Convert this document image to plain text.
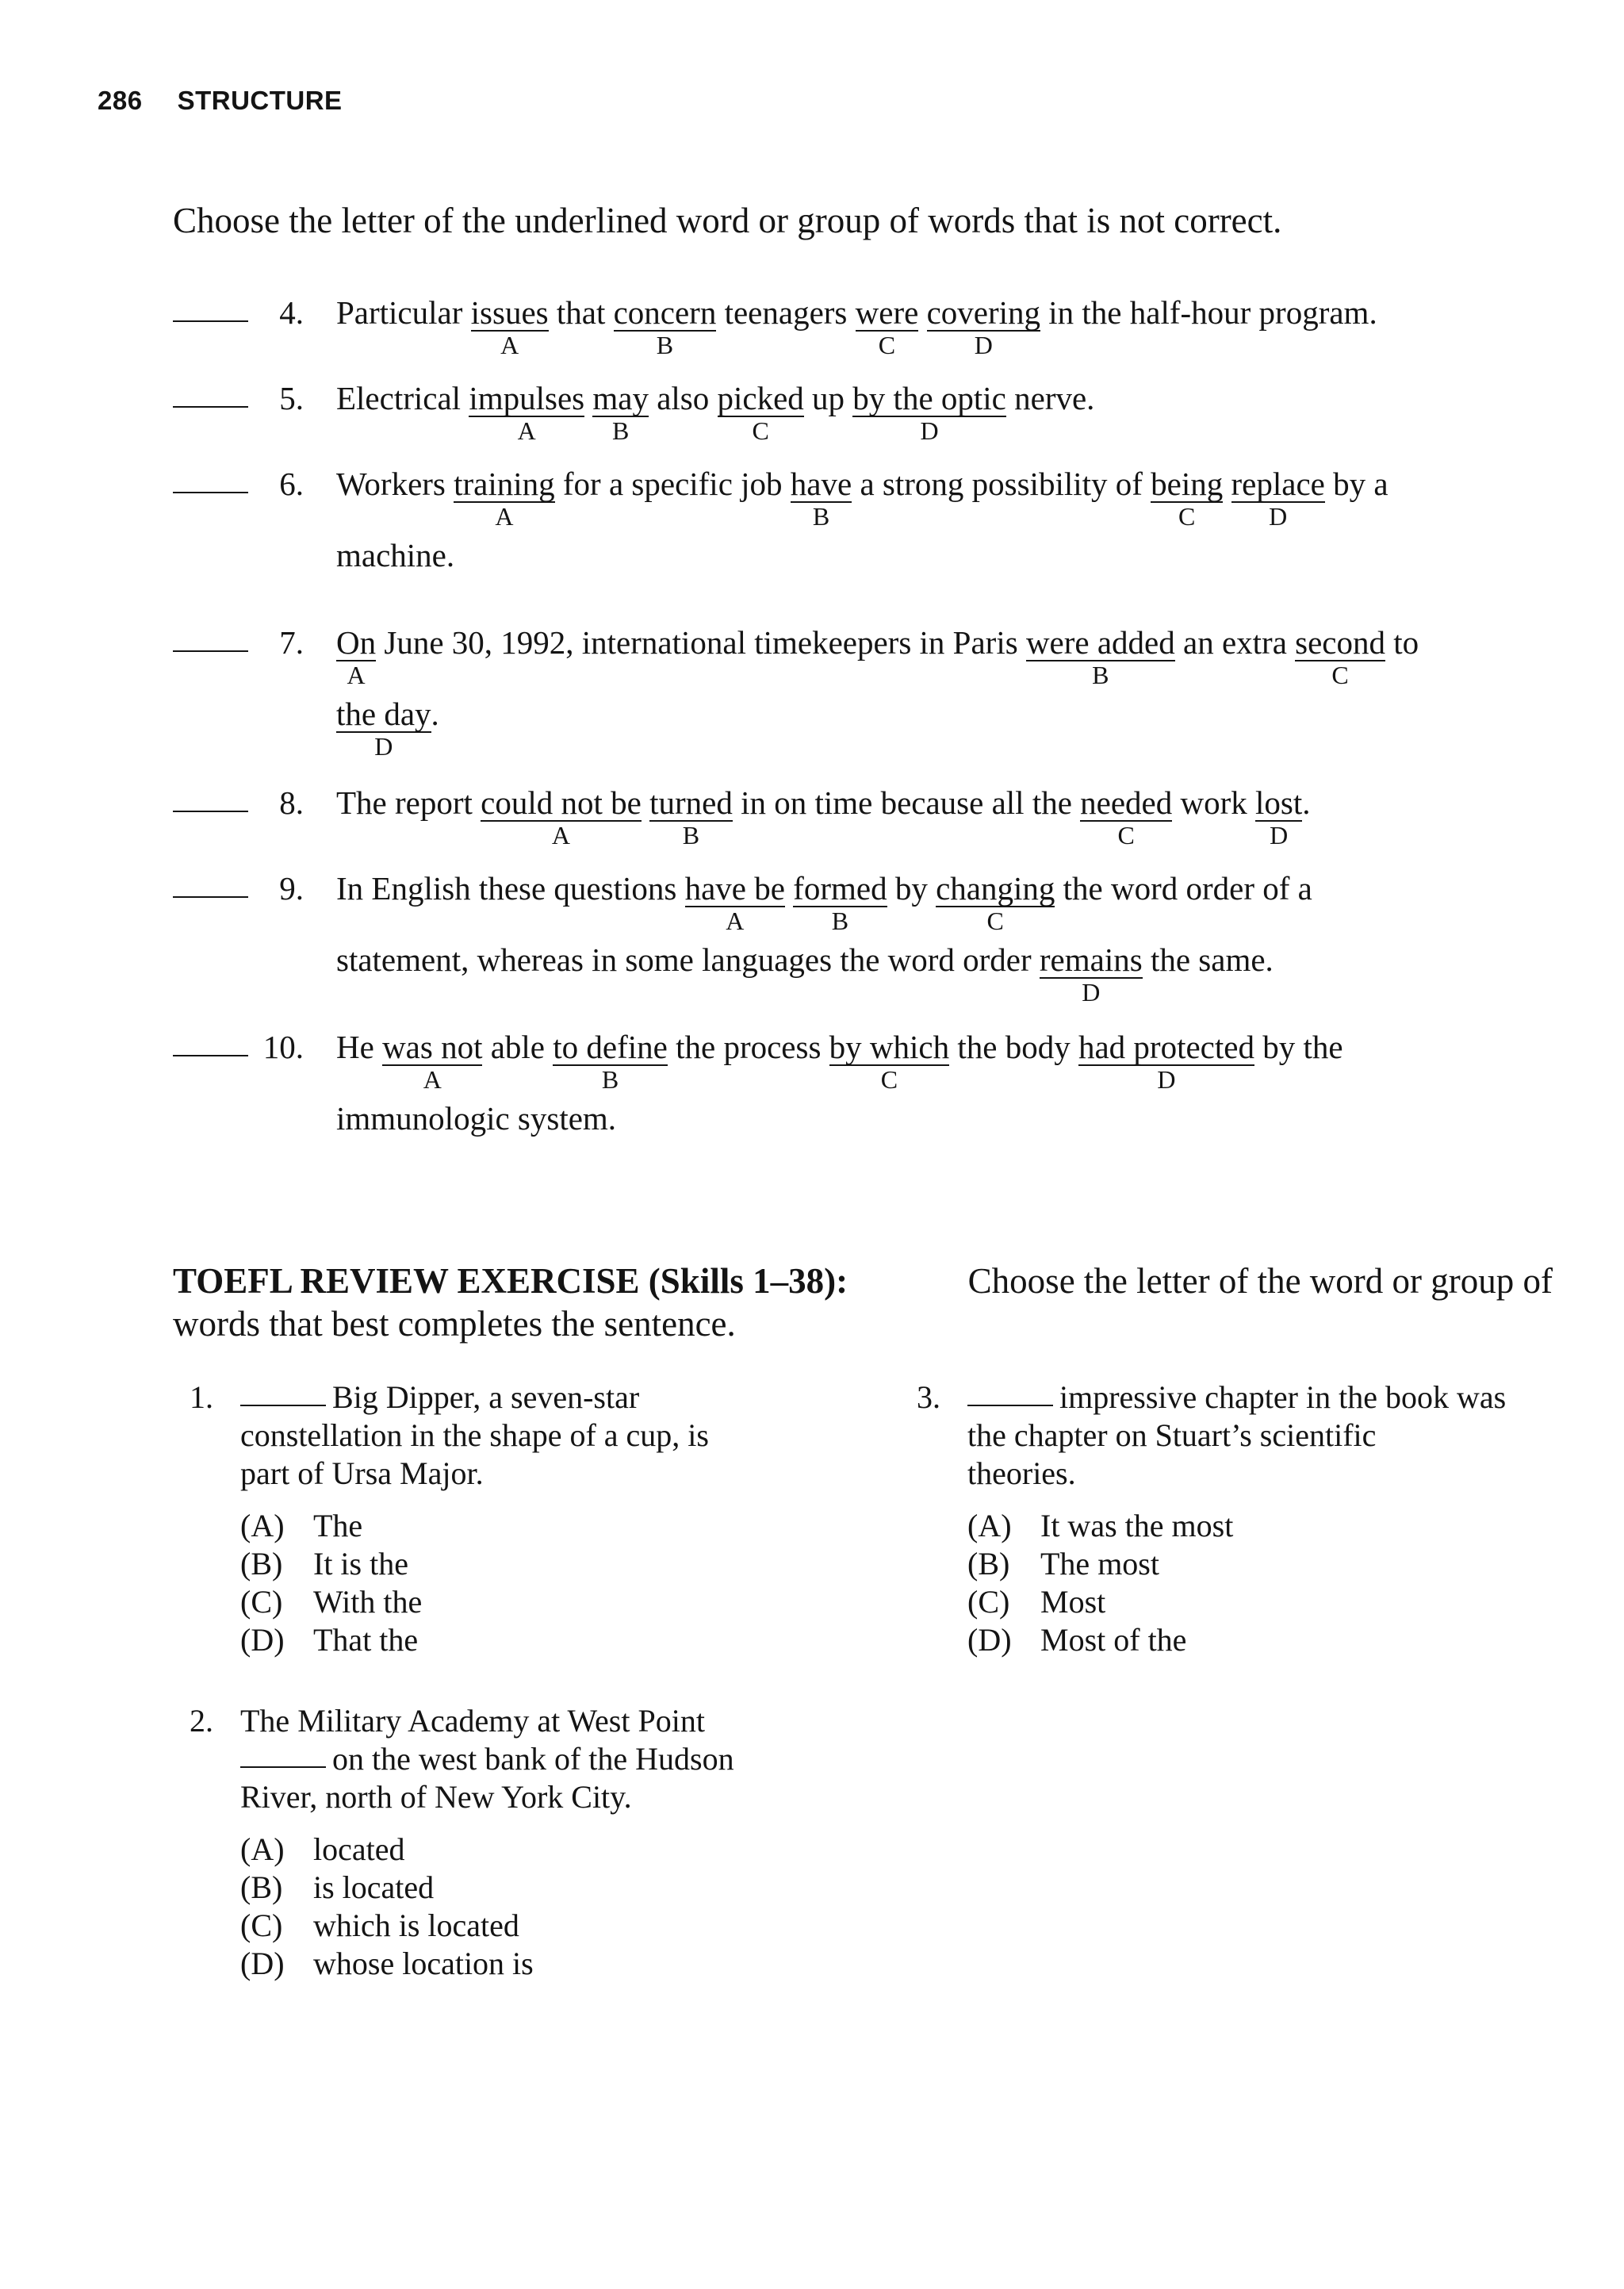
286 STRUCTURE
Choose the letter of the underlined word or group of words that is not correct.
4. Particular issues
A
that concern
B
teenagers were
C
covering
D
in the half-hour program.
5. Electrical impulses
A
may
B
also picked
C
up by the optic
D
nerve.
6. Workers training
A
for a specific job have
B
a strong possibility of being
C
replace
D
by a
machine.
7. On
A
June 30, 1992, international timekeepers in Paris were added
B
an extra second
C
to
the day
D
.
8. The report could not be
A
turned
B
in on time because all the needed
C
work lost
D
.
9. In English these questions have be
A
formed
B
by changing
C
the word order of a
statement, whereas in some languages the word order remains
D
the same.
10. He was not
A
able to define
B
the process by which
C
the body had protected
D
by the
immunologic system.
TOEFL REVIEW EXERCISE (Skills 1–38):	Choose the letter of the word or group of
words that best completes the sentence.
1.	Big Dipper, a seven-star
constellation in the shape of a cup, is
part of Ursa Major.
(A) The
(B) It is the
(C) With the
(D) That the
2. The Military Academy at West Point
on the west bank of the Hudson
River, north of New York City.
(A) located
(B) is located
(C) which is located
(D) whose location is
3.	impressive chapter in the book was
the chapter on Stuart’s scientific
theories.
(A) It was the most
(B) The most
(C) Most
(D) Most of the
